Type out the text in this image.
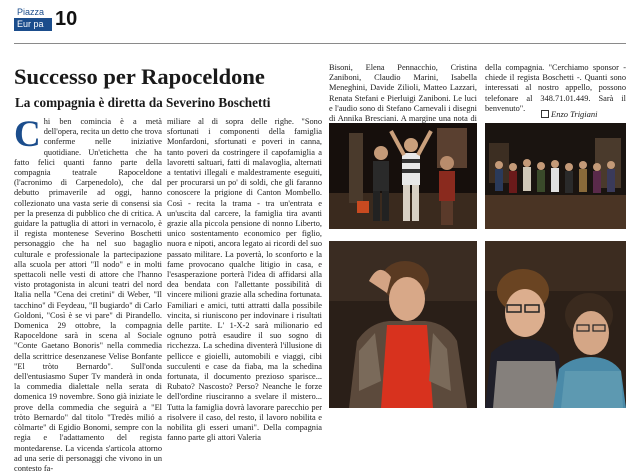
Piazza
Eur pa 10
Successo per Rapoceldone
La compagnia è diretta da Severino Boschetti
Chi ben comincia è a metà dell'opera, recita un detto che trova conferme nelle iniziative quotidiane. Un'etichetta che ha fatto felici quanti fanno parte della compagnia teatrale Rapoceldone (l'acronimo di Carpenedolo), che dal debutto primaverile ad oggi, hanno collezionato una vasta serie di consensi sia per la presenza di pubblico che di critica. A guidare la pattuglia di attori in vernacolo, è il regista montenese Severino Boschetti personaggio che ha nel suo bagaglio culturale e professionale la partecipazione alla scuola per attori "Il nodo" e in molti spettacoli nelle vesti di attore che l'hanno visto protagonista in alcuni teatri del nord Italia nella "Cena dei cretini" di Weber, "Il tacchino" di Feydeau, "Il bugiardo" di Carlo Goldoni, "Così è se vi pare" di Pirandello. Domenica 29 ottobre, la compagnia Rapoceldone sarà in scena al Sociale "Conte Gaetano Bonoris" nella commedia della scrittrice desenzanese Velise Bonfante "El tròto Bernardo". Sull'onda dell'entusiasmo Super Tv manderà in onda la commedia dialettale nella serata di domenica 19 novembre. Sono già iniziate le prove della commedia che seguirà a "El tròto Bernardo" dal titolo "Tredès milió a còlmarte" di Egidio Bonomi, sempre con la regia e l'adattamento del regista montedarense. La vicenda s'articola attorno ad una serie di personaggi che vivono in un contesto fa-
miliare al di sopra delle righe. "Sono sfortunati i componenti della famiglia Monfardoni, sfortunati e poveri in canna, tanto poveri da costringere il capofamiglia a lavoretti saltuari, fatti di malavoglia, alternati a tentativi illegali e maldestramente eseguiti, per procurarsi un po' di soldi, che gli faranno conoscere la prigione di Canton Mombello. Così - recita la trama - tra un'entrata e un'uscita dal carcere, la famiglia tira avanti grazie alla piccola pensione di nonno Liberto, unico sostentamento economico per figlio, nuora e nipoti, ancora legato ai ricordi del suo passato militare. La povertà, lo sconforto e la fame provocano qualche litigio in casa, e l'esasperazione porterà l'idea di affidarsi alla dea bendata con l'allettante possibilità di vincere milioni grazie alla schedina fortunata. Familiari e amici, tutti attratti dalla possibile vincita, si riuniscono per indovinare i risultati delle partite. L' 1-X-2 sarà milionario ed ognuno potrà esaudire il suo sogno di ricchezza. La schedina diventerà l'illusione di pellicce e gioielli, automobili e viaggi, cibi succulenti e case da fiaba, ma la schedina fortunata, il documento prezioso sparisce... Rubato? Nascosto? Perso? Neanche le forze dell'ordine riusciranno a svelare il mistero... Tutta la famiglia dovrà lavorare parecchio per risolvere il caso, del resto, il lavoro nobilita e nobilita gli esseri umani". Della compagnia fanno parte gli attori Valeria
Bisoni, Elena Pennacchio, Cristina Zaniboni, Claudio Marini, Isabella Meneghini, Davide Zilioli, Matteo Lazzari, Renata Stefani e Pierluigi Zaniboni. Le luci e l'audio sono di Stefano Carnevali i disegni di Annika Bresciani. A margine una nota di
della compagnia. "Cerchiamo sponsor - chiede il regista Boschetti -. Quanti sono interessati al nostro appello, possono telefonare al 348.71.01.449. Sarà il benvenuto".
Enzo Trigiani
